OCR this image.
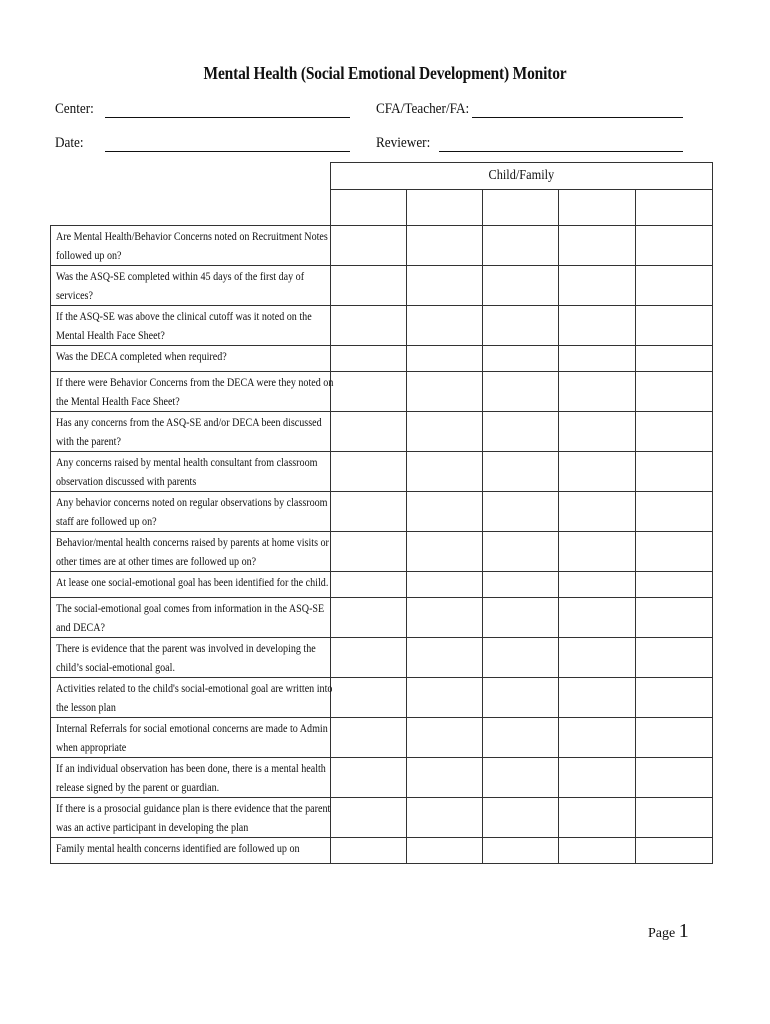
Mental Health (Social Emotional Development) Monitor
Center:	CFA/Teacher/FA:
Date:	Reviewer:
	Child/Family				

Are Mental Health/Behavior Concerns noted on Recruitment Notes
followed up on?					

Was the ASQ-SE completed within 45 days of the first day of
services?					

If the ASQ-SE was above the clinical cutoff was it noted on the
Mental Health Face Sheet?					

Was the DECA completed when required?					

If there were Behavior Concerns from the DECA were they noted on
the Mental Health Face Sheet?					

Has any concerns from the ASQ-SE and/or DECA been discussed
with the parent?					

Any concerns raised by mental health consultant from classroom
observation discussed with parents					

Any behavior concerns noted on regular observations by classroom
staff are followed up on?					

Behavior/mental health concerns raised by parents at home visits or
other times are at other times are followed up on?					

At lease one social-emotional goal has been identified for the child.					

The social-emotional goal comes from information in the ASQ-SE
and DECA?					

There is evidence that the parent was involved in developing the
child’s social-emotional goal.					

Activities related to the child's social-emotional goal are written into
the lesson plan					

Internal Referrals for social emotional concerns are made to Admin
when appropriate					

If an individual observation has been done, there is a mental health
release signed by the parent or guardian.					

If there is a prosocial guidance plan is there evidence that the parent
was an active participant in developing the plan					

Family mental health concerns identified are followed up on					

Page 1
